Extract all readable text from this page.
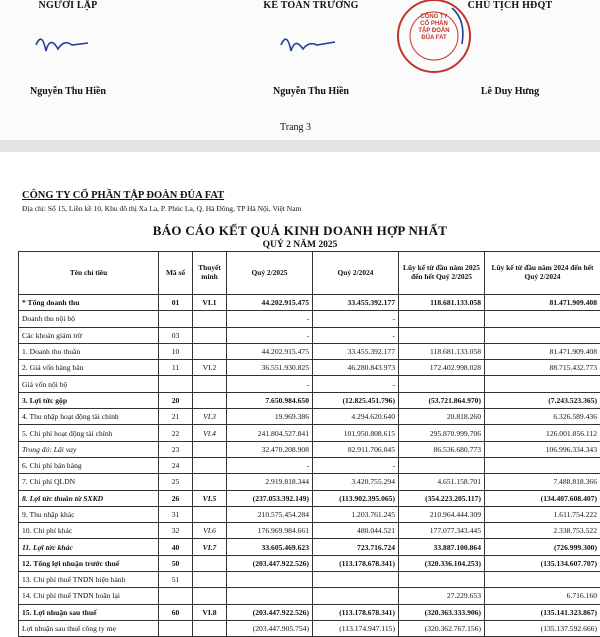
NGƯỜI LẬP
Nguyễn Thu Hiền
KẾ TOÁN TRƯỞNG
Nguyễn Thu Hiền
CHỦ TỊCH HĐQT
Lê Duy Hưng
CÔNG TY
CỔ PHẦN
TẬP ĐOÀN
ĐỦA FAT
Trang 3
CÔNG TY CỔ PHẦN TẬP ĐOÀN ĐỦA FAT
Địa chỉ: Số 15, Liền kề 10, Khu đô thị Xa La, P. Phúc La, Q. Hà Đông, TP Hà Nội, Việt Nam
BÁO CÁO KẾT QUẢ KINH DOANH HỢP NHẤT
QUÝ 2 NĂM 2025
Tên chỉ tiêu	Mã số	Thuyết minh	Quý 2/2025	Quý 2/2024	Lũy kế từ đầu năm 2025 đến hết Quý 2/2025	Lũy kế từ đầu năm 2024 đến hết Quý 2/2024
* Tổng doanh thu	01	VI.1	44.202.915.475	33.455.392.177	118.681.133.058	81.471.909.408
Doanh thu nội bộ			-	-		
Các khoản giảm trừ	03		-	-		
1. Doanh thu thuần	10		44.202.915.475	33.455.392.177	118.681.133.058	81.471.909.408
2. Giá vốn hàng bán	11	VI.2	36.551.930.825	46.280.843.973	172.402.998.028	88.715.432.773
Giá vốn nội bộ			-	-		
3. Lợi tức gộp	20		7.650.984.650	(12.825.451.796)	(53.721.864.970)	(7.243.523.365)
4. Thu nhập hoạt động tài chính	21	VI.3	19.969.386	4.294.620.640	20.818.260	6.326.589.436
5. Chi phí hoạt động tài chính	22	VI.4	241.804.527.841	101.950.808.615	295.870.999.706	126.001.856.112
Trong đó: Lãi vay	23		32.470.208.908	82.911.706.045	86.536.680.773	106.996.334.343
6. Chi phí bán hàng	24		-	-		
7. Chi phí QLDN	25		2.919.818.344	3.420.755.294	4.651.158.701	7.488.818.366
8. Lợi tức thuần từ SXKD	26	VI.5	(237.053.392.149)	(113.902.395.065)	(354.223.205.117)	(134.407.608.407)
9. Thu nhập khác	31		210.575.454.284	1.203.761.245	210.964.444.309	1.611.754.222
10. Chi phí khác	32	VI.6	176.969.984.661	480.044.521	177.077.343.445	2.338.753.522
11. Lợi tức khác	40	VI.7	33.605.469.623	723.716.724	33.887.100.864	(726.999.300)
12. Tổng lợi nhuận trước thuế	50		(203.447.922.526)	(113.178.678.341)	(320.336.104.253)	(135.134.607.707)
13. Chi phí thuế TNDN hiện hành	51					
14. Chi phí thuế TNDN hoãn lại					27.229.653	6.716.160
15. Lợi nhuận sau thuế	60	VI.8	(203.447.922.526)	(113.178.678.341)	(320.363.333.906)	(135.141.323.867)
Lợi nhuận sau thuế công ty mẹ			(203.447.905.754)	(113.174.947.115)	(320.362.767.156)	(135.137.592.666)
